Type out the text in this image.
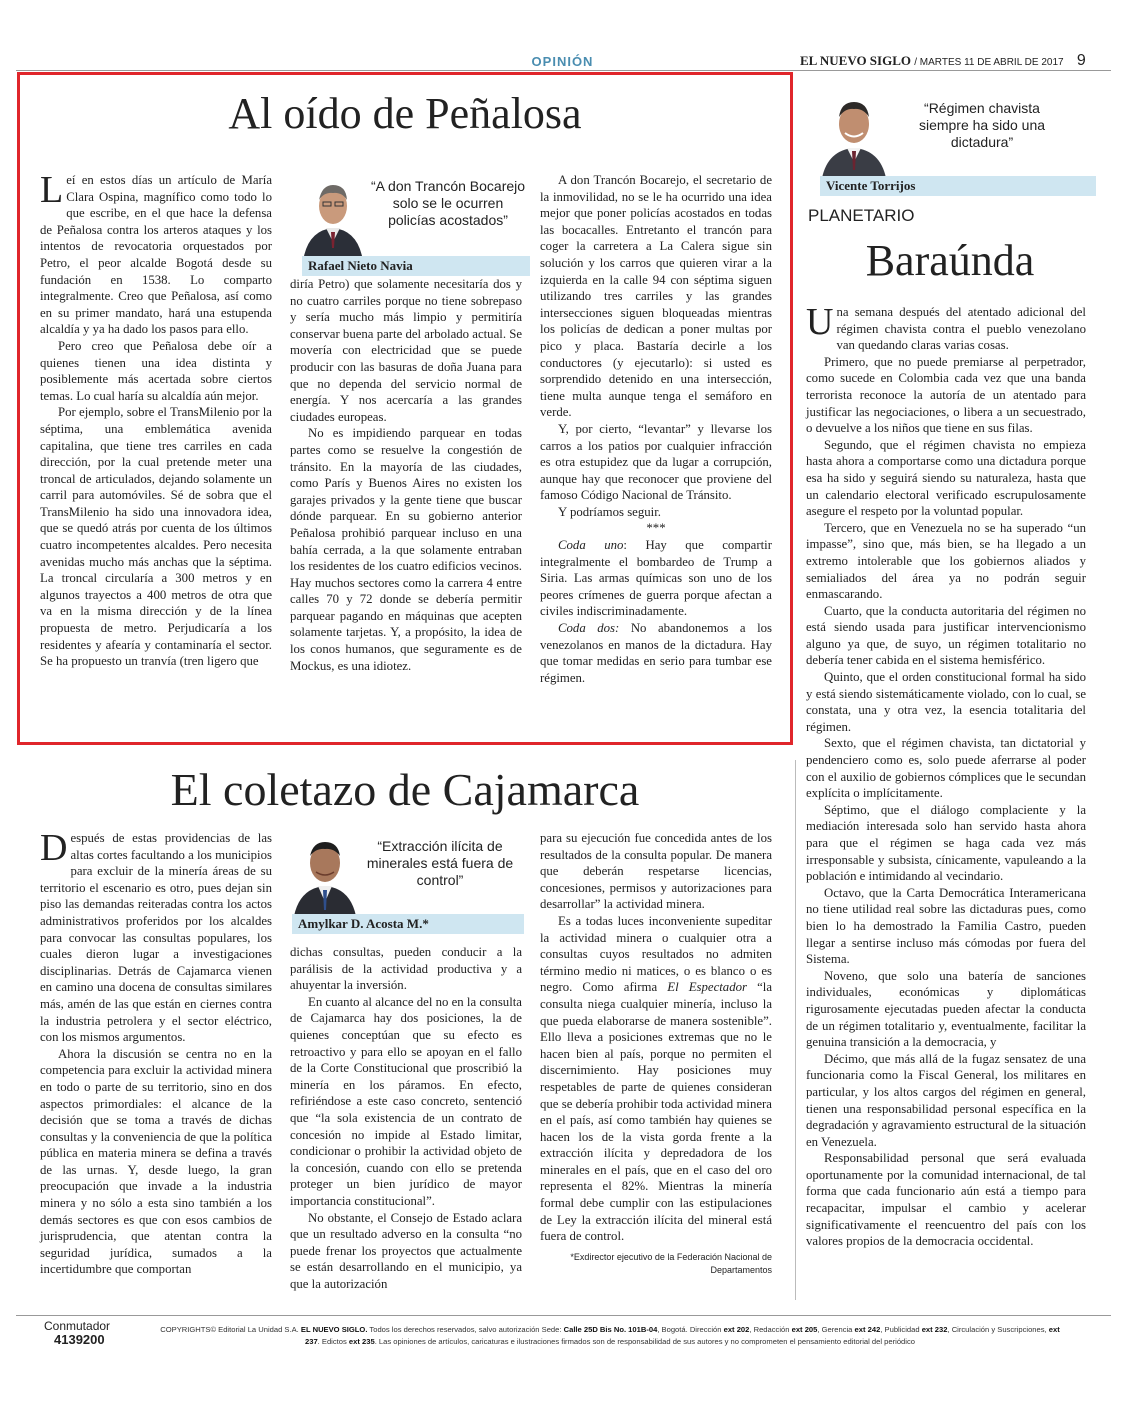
OPINIÓN	EL NUEVO SIGLO / MARTES 11 DE ABRIL DE 2017 9
Al oído de Peñalosa

Leí en estos días un artículo de María Clara Ospina, magnífico como todo lo que escribe, en el que hace la defensa de Peñalosa contra los arteros ataques y los intentos de revocatoria orquestados por Petro, el peor alcalde Bogotá desde su fundación en 1538. Lo comparto integralmente. Creo que Peñalosa, así como en su primer mandato, hará una estupenda alcaldía y ya ha dado los pasos para ello.

Pero creo que Peñalosa debe oír a quienes tienen una idea distinta y posiblemente más acertada sobre ciertos temas. Lo cual haría su alcaldía aún mejor.

Por ejemplo, sobre el TransMilenio por la séptima, una emblemática avenida capitalina, que tiene tres carriles en cada dirección, por la cual pretende meter una troncal de articulados, dejando solamente un carril para automóviles. Sé de sobra que el TransMilenio ha sido una innovadora idea, que se quedó atrás por cuenta de los últimos cuatro incompetentes alcaldes. Pero necesita avenidas mucho más anchas que la séptima. La troncal circularía a 300 metros y en algunos trayectos a 400 metros de otra que va en la misma dirección y de la línea propuesta de metro. Perjudicaría a los residentes y afearía y contaminaría el sector. Se ha propuesto un tranvía (tren ligero que

“A don Trancón Bocarejo solo se le ocurren policías acostados”
Rafael Nieto Navia

diría Petro) que solamente necesitaría dos y no cuatro carriles porque no tiene sobrepaso y sería mucho más limpio y permitiría conservar buena parte del arbolado actual. Se movería con electricidad que se puede producir con las basuras de doña Juana para que no dependa del servicio normal de energía. Y nos acercaría a las grandes ciudades europeas.

No es impidiendo parquear en todas partes como se resuelve la congestión de tránsito. En la mayoría de las ciudades, como París y Buenos Aires no existen los garajes privados y la gente tiene que buscar dónde parquear. En su gobierno anterior Peñalosa prohibió parquear incluso en una bahía cerrada, a la que solamente entraban los residentes de los cuatro edificios vecinos. Hay muchos sectores como la carrera 4 entre calles 70 y 72 donde se debería permitir parquear pagando en máquinas que acepten solamente tarjetas. Y, a propósito, la idea de los conos humanos, que seguramente es de Mockus, es una idiotez.

A don Trancón Bocarejo, el secretario de la inmovilidad, no se le ha ocurrido una idea mejor que poner policías acostados en todas las bocacalles. Entretanto el trancón para coger la carretera a La Calera sigue sin solución y los carros que quieren virar a la izquierda en la calle 94 con séptima siguen utilizando tres carriles y las grandes intersecciones siguen bloqueadas mientras los policías de dedican a poner multas por pico y placa. Bastaría decirle a los conductores (y ejecutarlo): si usted es sorprendido detenido en una intersección, tiene multa aunque tenga el semáforo en verde.

Y, por cierto, “levantar” y llevarse los carros a los patios por cualquier infracción es otra estupidez que da lugar a corrupción, aunque hay que reconocer que proviene del famoso Código Nacional de Tránsito.

Y podríamos seguir.

***

Coda uno: Hay que compartir integralmente el bombardeo de Trump a Siria. Las armas químicas son uno de los peores crímenes de guerra porque afectan a civiles indiscriminadamente.

Coda dos: No abandonemos a los venezolanos en manos de la dictadura. Hay que tomar medidas en serio para tumbar ese régimen.

El coletazo de Cajamarca

Después de estas providencias de las altas cortes facultando a los municipios para excluir de la minería áreas de su territorio el escenario es otro, pues dejan sin piso las demandas reiteradas contra los actos administrativos proferidos por los alcaldes para convocar las consultas populares, los cuales dieron lugar a investigaciones disciplinarias. Detrás de Cajamarca vienen en camino una docena de consultas similares más, amén de las que están en ciernes contra la industria petrolera y el sector eléctrico, con los mismos argumentos.

Ahora la discusión se centra no en la competencia para excluir la actividad minera en todo o parte de su territorio, sino en dos aspectos primordiales: el alcance de la decisión que se toma a través de dichas consultas y la conveniencia de que la política pública en materia minera se defina a través de las urnas. Y, desde luego, la gran preocupación que invade a la industria minera y no sólo a esta sino también a los demás sectores es que con esos cambios de jurisprudencia, que atentan contra la seguridad jurídica, sumados a la incertidumbre que comportan

“Extracción ilícita de minerales está fuera de control”
Amylkar D. Acosta M.*

dichas consultas, pueden conducir a la parálisis de la actividad productiva y a ahuyentar la inversión.

En cuanto al alcance del no en la consulta de Cajamarca hay dos posiciones, la de quienes conceptúan que su efecto es retroactivo y para ello se apoyan en el fallo de la Corte Constitucional que proscribió la minería en los páramos. En efecto, refiriéndose a este caso concreto, sentenció que “la sola existencia de un contrato de concesión no impide al Estado limitar, condicionar o prohibir la actividad objeto de la concesión, cuando con ello se pretenda proteger un bien jurídico de mayor importancia constitucional”.

No obstante, el Consejo de Estado aclara que un resultado adverso en la consulta “no puede frenar los proyectos que actualmente se están desarrollando en el municipio, ya que la autorización

para su ejecución fue concedida antes de los resultados de la consulta popular. De manera que deberán respetarse licencias, concesiones, permisos y autorizaciones para desarrollar” la actividad minera.

Es a todas luces inconveniente supeditar la actividad minera o cualquier otra a consultas cuyos resultados no admiten término medio ni matices, o es blanco o es negro. Como afirma El Espectador “la consulta niega cualquier minería, incluso la que pueda elaborarse de manera sostenible”. Ello lleva a posiciones extremas que no le hacen bien al país, porque no permiten el discernimiento. Hay posiciones muy respetables de parte de quienes consideran que se debería prohibir toda actividad minera en el país, así como también hay quienes se hacen los de la vista gorda frente a la extracción ilícita y depredadora de los minerales en el país, que en el caso del oro representa el 82%. Mientras la minería formal debe cumplir con las estipulaciones de Ley la extracción ilícita del mineral está fuera de control.

*Exdirector ejecutivo de la Federación Nacional de Departamentos
“Régimen chavista siempre ha sido una dictadura”
Vicente Torrijos
PLANETARIO
Baraúnda

Una semana después del atentado adicional del régimen chavista contra el pueblo venezolano van quedando claras varias cosas.

Primero, que no puede premiarse al perpetrador, como sucede en Colombia cada vez que una banda terrorista reconoce la autoría de un atentado para justificar las negociaciones, o libera a un secuestrado, o devuelve a los niños que tiene en sus filas.

Segundo, que el régimen chavista no empieza hasta ahora a comportarse como una dictadura porque esa ha sido y seguirá siendo su naturaleza, hasta que un calendario electoral verificado escrupulosamente asegure el respeto por la voluntad popular.

Tercero, que en Venezuela no se ha superado “un impasse”, sino que, más bien, se ha llegado a un extremo intolerable que los gobiernos aliados y semialiados del área ya no podrán seguir enmascarando.

Cuarto, que la conducta autoritaria del régimen no está siendo usada para justificar intervencionismo alguno ya que, de suyo, un régimen totalitario no debería tener cabida en el sistema hemisférico.

Quinto, que el orden constitucional formal ha sido y está siendo sistemáticamente violado, con lo cual, se constata, una y otra vez, la esencia totalitaria del régimen.

Sexto, que el régimen chavista, tan dictatorial y pendenciero como es, solo puede aferrarse al poder con el auxilio de gobiernos cómplices que le secundan explícita o implícitamente.

Séptimo, que el diálogo complaciente y la mediación interesada solo han servido hasta ahora para que el régimen se haga cada vez más irresponsable y subsista, cínicamente, vapuleando a la población e intimidando al vecindario.

Octavo, que la Carta Democrática Interamericana no tiene utilidad real sobre las dictaduras pues, como bien lo ha demostrado la Familia Castro, pueden llegar a sentirse incluso más cómodas por fuera del Sistema.

Noveno, que solo una batería de sanciones individuales, económicas y diplomáticas rigurosamente ejecutadas pueden afectar la conducta de un régimen totalitario y, eventualmente, facilitar la genuina transición a la democracia, y

Décimo, que más allá de la fugaz sensatez de una funcionaria como la Fiscal General, los militares en particular, y los altos cargos del régimen en general, tienen una responsabilidad personal específica en la degradación y agravamiento estructural de la situación en Venezuela.

Responsabilidad personal que será evaluada oportunamente por la comunidad internacional, de tal forma que cada funcionario aún está a tiempo para recapacitar, impulsar el cambio y acelerar significativamente el reencuentro del país con los valores propios de la democracia occidental.

Conmutador
4139200
COPYRIGHTS© Editorial La Unidad S.A. EL NUEVO SIGLO. Todos los derechos reservados, salvo autorización Sede: Calle 25D Bis No. 101B-04, Bogotá. Dirección ext 202, Redacción ext 205, Gerencia ext 242, Publicidad ext 232, Circulación y Suscripciones, ext 237. Edictos ext 235. Las opiniones de artículos, caricaturas e ilustraciones firmados son de responsabilidad de sus autores y no comprometen el pensamiento editorial del periódico
